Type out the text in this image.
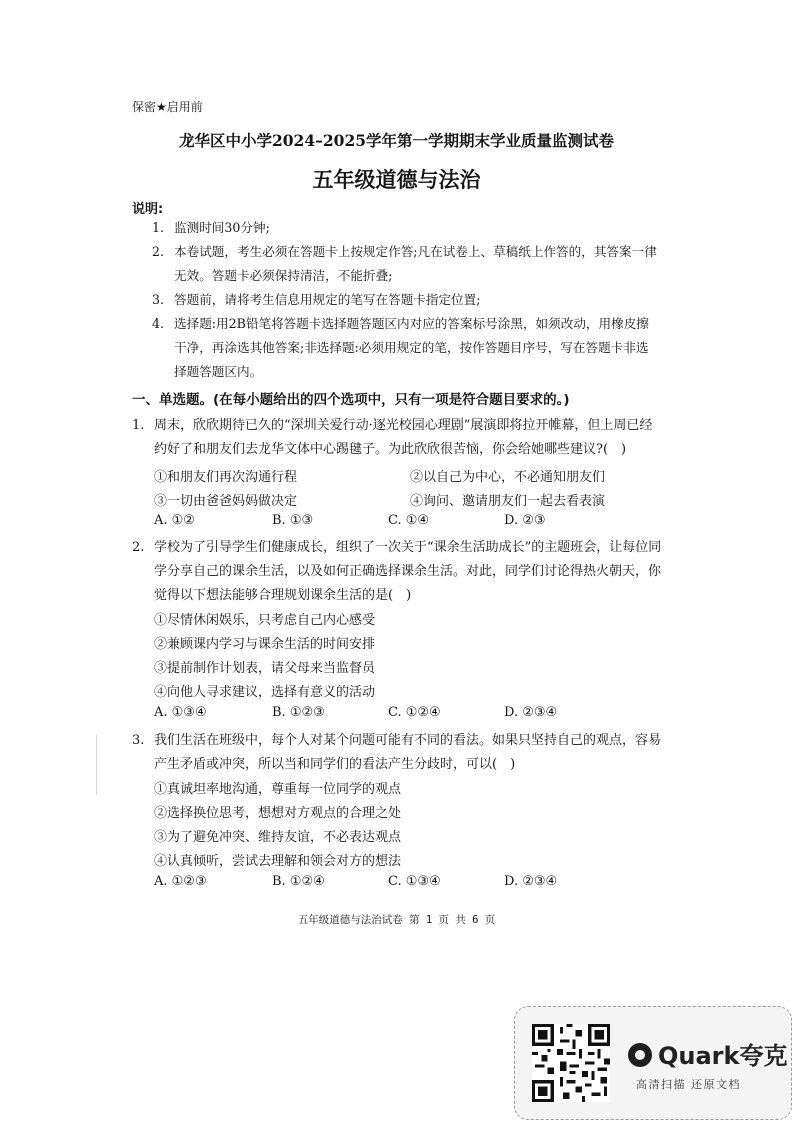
保密★启用前
龙华区中小学2024–2025学年第一学期期末学业质量监测试卷
五年级道德与法治
说明:
1. 监测时间30分钟;
2. 本卷试题，考生必须在答题卡上按规定作答;凡在试卷上、草稿纸上作答的，其答案一律无效。答题卡必须保持清洁，不能折叠;
3. 答题前，请将考生信息用规定的笔写在答题卡指定位置;
4. 选择题:用2B铅笔将答题卡选择题答题区内对应的答案标号涂黑，如须改动，用橡皮擦干净，再涂选其他答案;非选择题:必须用规定的笔，按作答题目序号，写在答题卡非选择题答题区内。
一、单选题。(在每小题给出的四个选项中，只有一项是符合题目要求的。)
1. 周末，欣欣期待已久的“深圳关爱行动·逐光校园心理剧”展演即将拉开帷幕，但上周已经约好了和朋友们去龙华文体中心踢毽子。为此欣欣很苦恼，你会给她哪些建议?(　)
①和朋友们再次沟通行程	②以自己为中心，不必通知朋友们
③一切由爸爸妈妈做决定	④询问、邀请朋友们一起去看表演
A. ①②	B. ①③	C. ①④	D. ②③
2. 学校为了引导学生们健康成长，组织了一次关于“课余生活助成长”的主题班会，让每位同学分享自己的课余生活，以及如何正确选择课余生活。对此，同学们讨论得热火朝天，你觉得以下想法能够合理规划课余生活的是(　)
①尽情休闲娱乐，只考虑自己内心感受
②兼顾课内学习与课余生活的时间安排
③提前制作计划表，请父母来当监督员
④向他人寻求建议，选择有意义的活动
A. ①③④	B. ①②③	C. ①②④	D. ②③④
3. 我们生活在班级中，每个人对某个问题可能有不同的看法。如果只坚持自己的观点，容易产生矛盾或冲突，所以当和同学们的看法产生分歧时，可以(　)
①真诚坦率地沟通，尊重每一位同学的观点
②选择换位思考，想想对方观点的合理之处
③为了避免冲突、维持友谊，不必表达观点
④认真倾听，尝试去理解和领会对方的想法
A. ①②③	B. ①②④	C. ①③④	D. ②③④
五年级道德与法治试卷 第 1 页 共 6 页
Quark夸克
高清扫描 还原文档
